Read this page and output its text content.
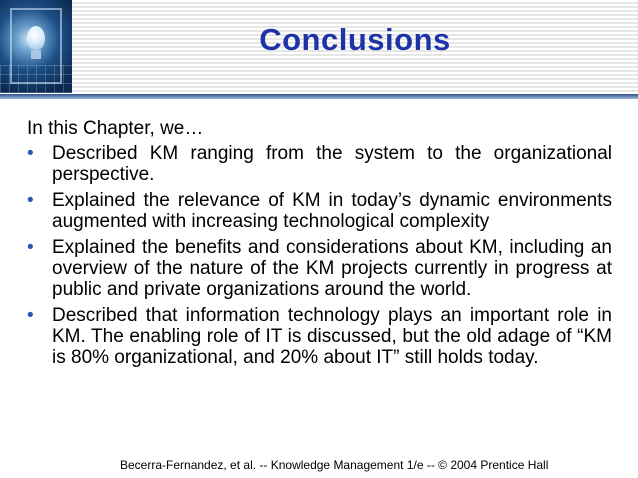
Conclusions

In this Chapter, we…

• Described KM ranging from the system to the organizational perspective.
• Explained the relevance of KM in today’s dynamic environments augmented with increasing technological complexity
• Explained the benefits and considerations about KM, including an overview of the nature of the KM projects currently in progress at public and private organizations around the world.
• Described that information technology plays an important role in KM. The enabling role of IT is discussed, but the old adage of “KM is 80% organizational, and 20% about IT” still holds today.
Becerra-Fernandez, et al. -- Knowledge Management 1/e -- © 2004 Prentice Hall
